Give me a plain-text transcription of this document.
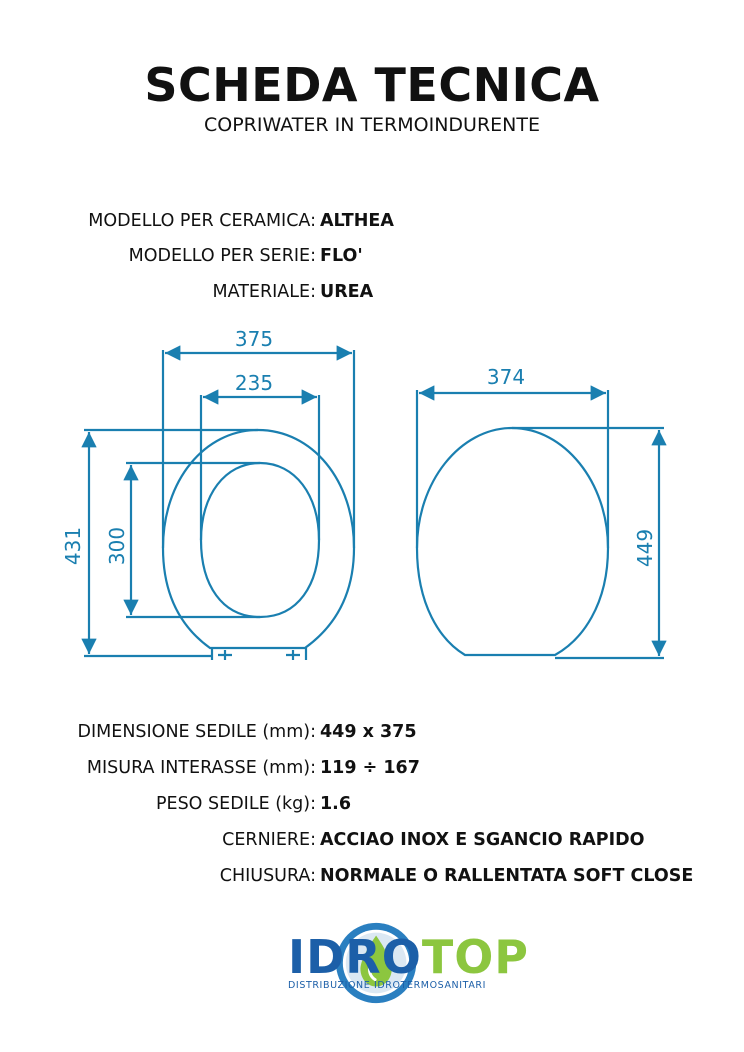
SCHEDA TECNICA
COPRIWATER IN TERMOINDURENTE
MODELLO PER CERAMICA: ALTHEA
MODELLO PER SERIE: FLO'
MATERIALE: UREA
375
235
431 300
374
449
DIMENSIONE SEDILE (mm): 449 x 375
MISURA INTERASSE (mm): 119 ÷ 167
PESO SEDILE (kg): 1.6
CERNIERE: ACCIAO INOX E SGANCIO RAPIDO
CHIUSURA: NORMALE O RALLENTATA SOFT CLOSE
IDROTOP
DISTRIBUZIONE IDROTERMOSANITARI
